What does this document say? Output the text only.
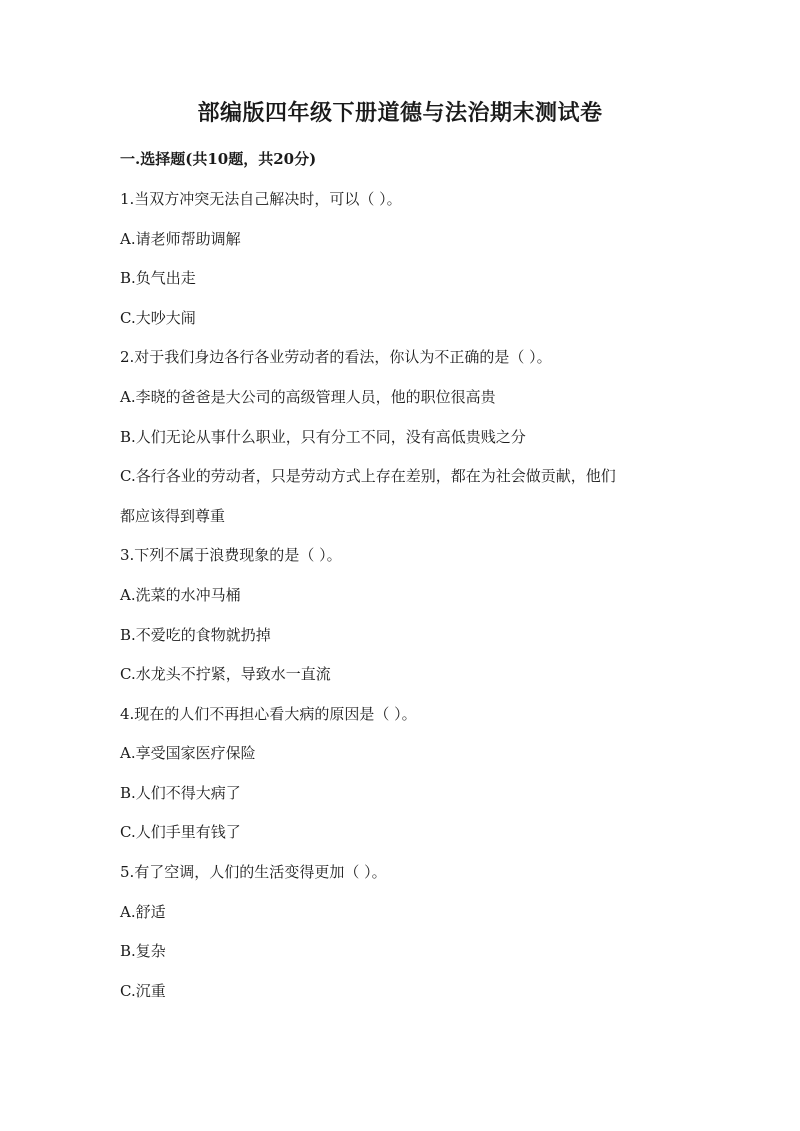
部编版四年级下册道德与法治期末测试卷
一.选择题(共10题，共20分)
1.当双方冲突无法自己解决时，可以（ ）。
A.请老师帮助调解
B.负气出走
C.大吵大闹
2.对于我们身边各行各业劳动者的看法，你认为不正确的是（ ）。
A.李晓的爸爸是大公司的高级管理人员，他的职位很高贵
B.人们无论从事什么职业，只有分工不同，没有高低贵贱之分
C.各行各业的劳动者，只是劳动方式上存在差别，都在为社会做贡献，他们
都应该得到尊重
3.下列不属于浪费现象的是（ ）。
A.洗菜的水冲马桶
B.不爱吃的食物就扔掉
C.水龙头不拧紧，导致水一直流
4.现在的人们不再担心看大病的原因是（ ）。
A.享受国家医疗保险
B.人们不得大病了
C.人们手里有钱了
5.有了空调，人们的生活变得更加（ ）。
A.舒适
B.复杂
C.沉重
